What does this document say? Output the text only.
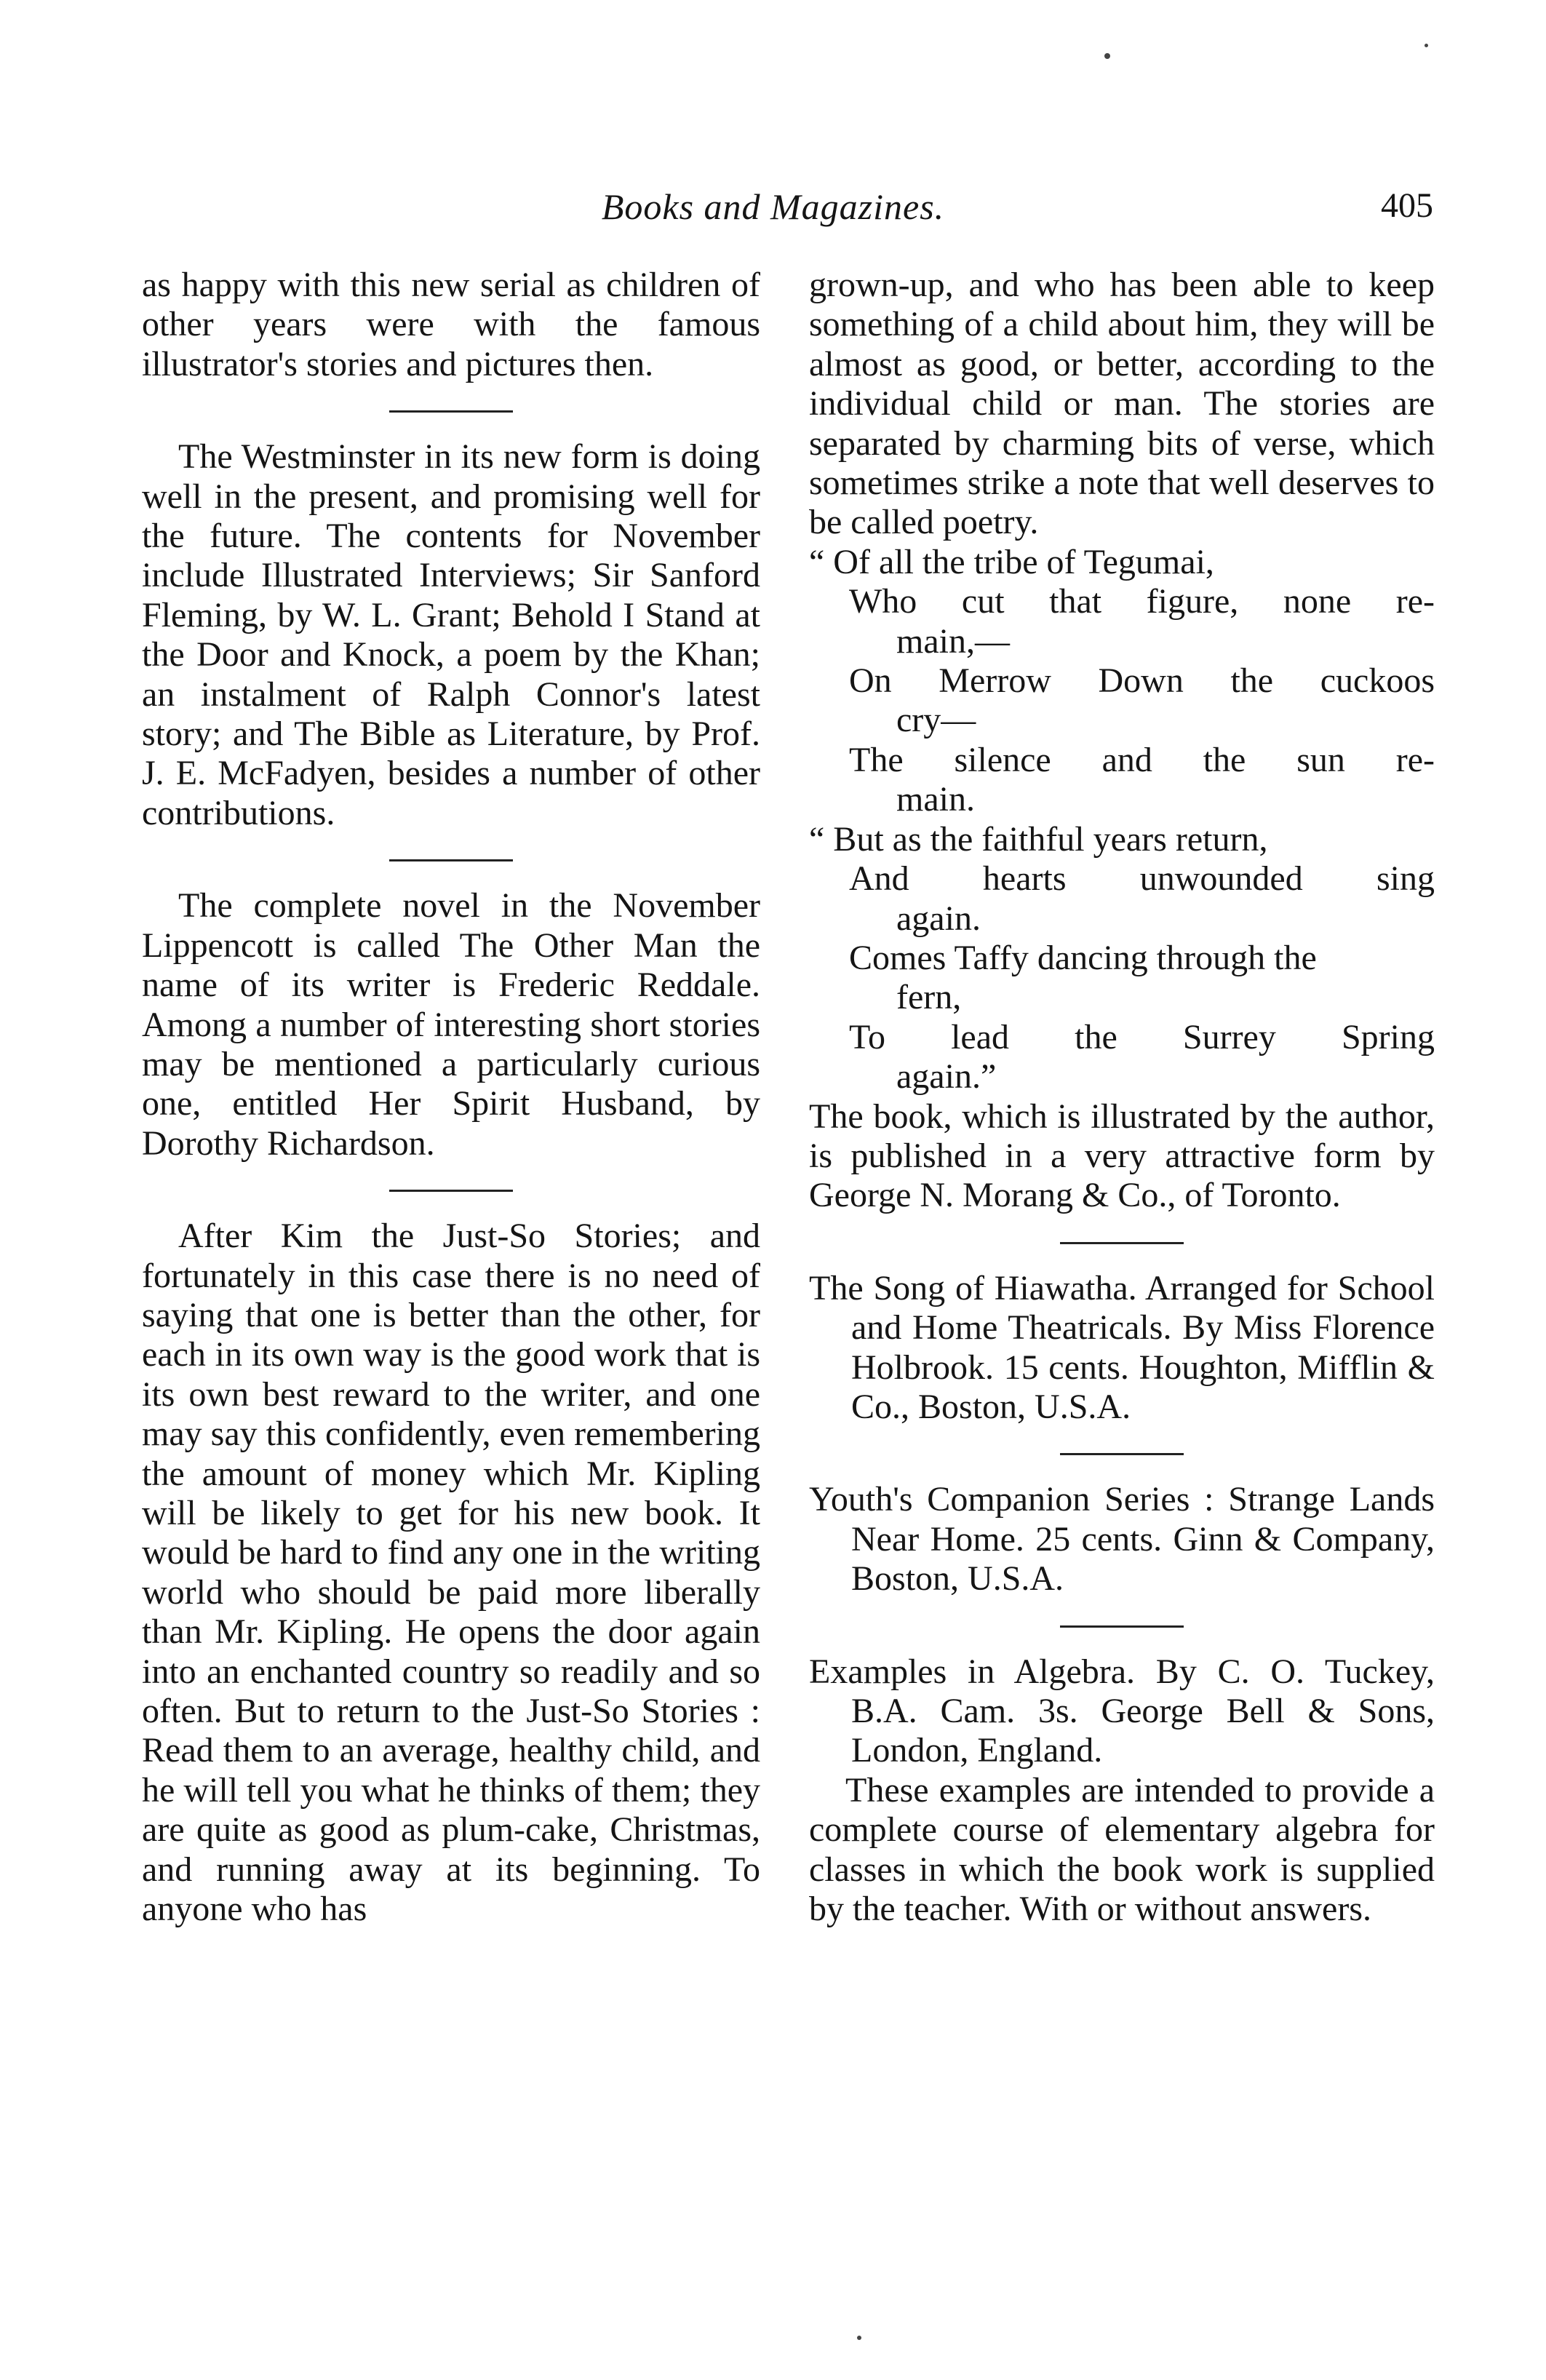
Books and Magazines.	405

as happy with this new serial as children of other years were with the famous illustrator's stories and pictures then.

The Westminster in its new form is doing well in the present, and promising well for the future. The contents for November include Illustrated Interviews; Sir Sanford Fleming, by W. L. Grant; Behold I Stand at the Door and Knock, a poem by the Khan; an instalment of Ralph Connor's latest story; and The Bible as Literature, by Prof. J. E. McFadyen, besides a number of other contributions.

The complete novel in the November Lippencott is called The Other Man the name of its writer is Frederic Reddale. Among a number of interesting short stories may be mentioned a particularly curious one, entitled Her Spirit Husband, by Dorothy Richardson.

After Kim the Just-So Stories; and fortunately in this case there is no need of saying that one is better than the other, for each in its own way is the good work that is its own best reward to the writer, and one may say this confidently, even remembering the amount of money which Mr. Kipling will be likely to get for his new book. It would be hard to find any one in the writing world who should be paid more liberally than Mr. Kipling. He opens the door again into an enchanted country so readily and so often. But to return to the Just-So Stories : Read them to an average, healthy child, and he will tell you what he thinks of them; they are quite as good as plum-cake, Christmas, and running away at its beginning. To anyone who has

grown-up, and who has been able to keep something of a child about him, they will be almost as good, or better, according to the individual child or man. The stories are separated by charming bits of verse, which sometimes strike a note that well deserves to be called poetry.

“ Of all the tribe of Tegumai,

Who cut that figure, none re-

main,—

On Merrow Down the cuckoos

cry—

The silence and the sun re-

main.

“ But as the faithful years return,

And hearts unwounded sing

again.

Comes Taffy dancing through the

fern,

To lead the Surrey Spring

again.”

The book, which is illustrated by the author, is published in a very attractive form by George N. Morang & Co., of Toronto.

The Song of Hiawatha. Arranged for School and Home Theatricals. By Miss Florence Holbrook. 15 cents. Houghton, Mifflin & Co., Boston, U.S.A.

Youth's Companion Series : Strange Lands Near Home. 25 cents. Ginn & Company, Boston, U.S.A.

Examples in Algebra. By C. O. Tuckey, B.A. Cam. 3s. George Bell & Sons, London, England.

These examples are intended to provide a complete course of elementary algebra for classes in which the book work is supplied by the teacher. With or without answers.
